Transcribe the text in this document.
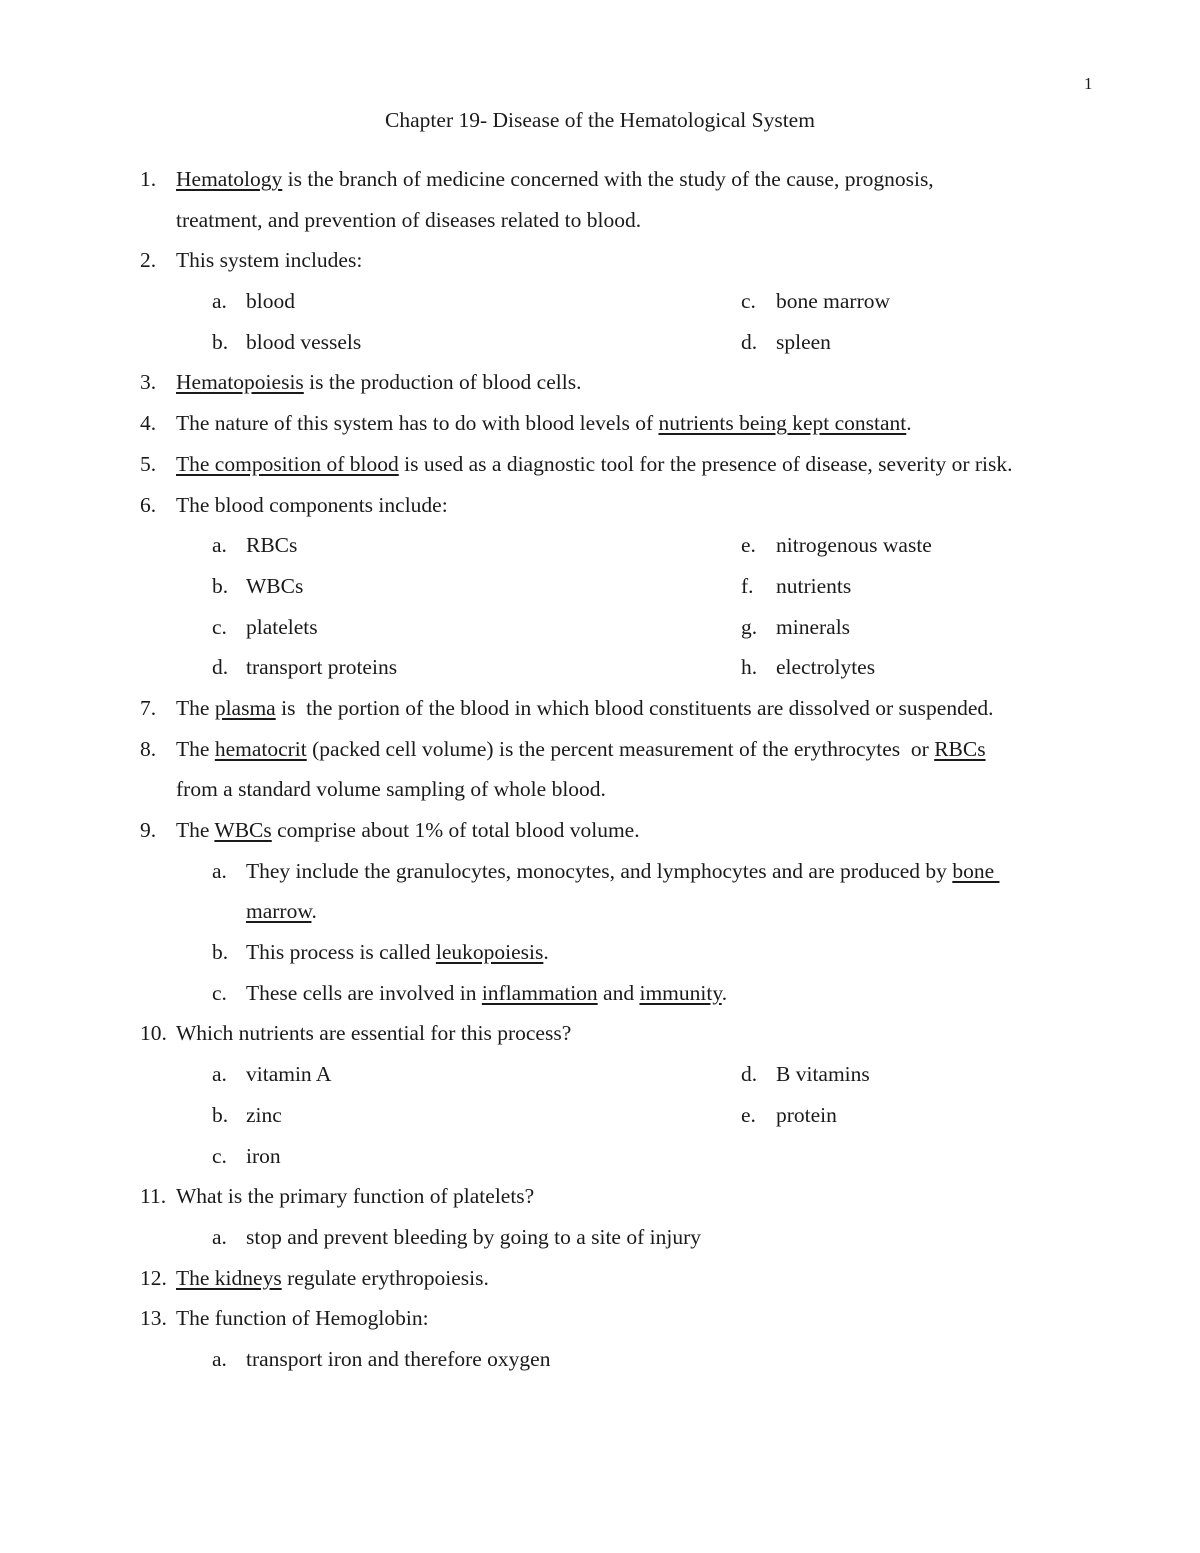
1
Chapter 19- Disease of the Hematological System
1. Hematology is the branch of medicine concerned with the study of the cause, prognosis,
treatment, and prevention of diseases related to blood.
2. This system includes:
a. blood	c. bone marrow
b. blood vessels	d. spleen
3. Hematopoiesis is the production of blood cells.
4. The nature of this system has to do with blood levels of nutrients being kept constant.
5. The composition of blood is used as a diagnostic tool for the presence of disease, severity or risk.
6. The blood components include:
a. RBCs	e. nitrogenous waste
b. WBCs	f. nutrients
c. platelets	g. minerals
d. transport proteins	h. electrolytes
7. The plasma is  the portion of the blood in which blood constituents are dissolved or suspended.
8. The hematocrit (packed cell volume) is the percent measurement of the erythrocytes  or RBCs
from a standard volume sampling of whole blood.
9. The WBCs comprise about 1% of total blood volume.
a. They include the granulocytes, monocytes, and lymphocytes and are produced by bone
marrow.
b. This process is called leukopoiesis.
c. These cells are involved in inflammation and immunity.
10. Which nutrients are essential for this process?
a. vitamin A	d. B vitamins
b. zinc	e. protein
c. iron
11. What is the primary function of platelets?
a. stop and prevent bleeding by going to a site of injury
12. The kidneys regulate erythropoiesis.
13. The function of Hemoglobin:
a. transport iron and therefore oxygen
